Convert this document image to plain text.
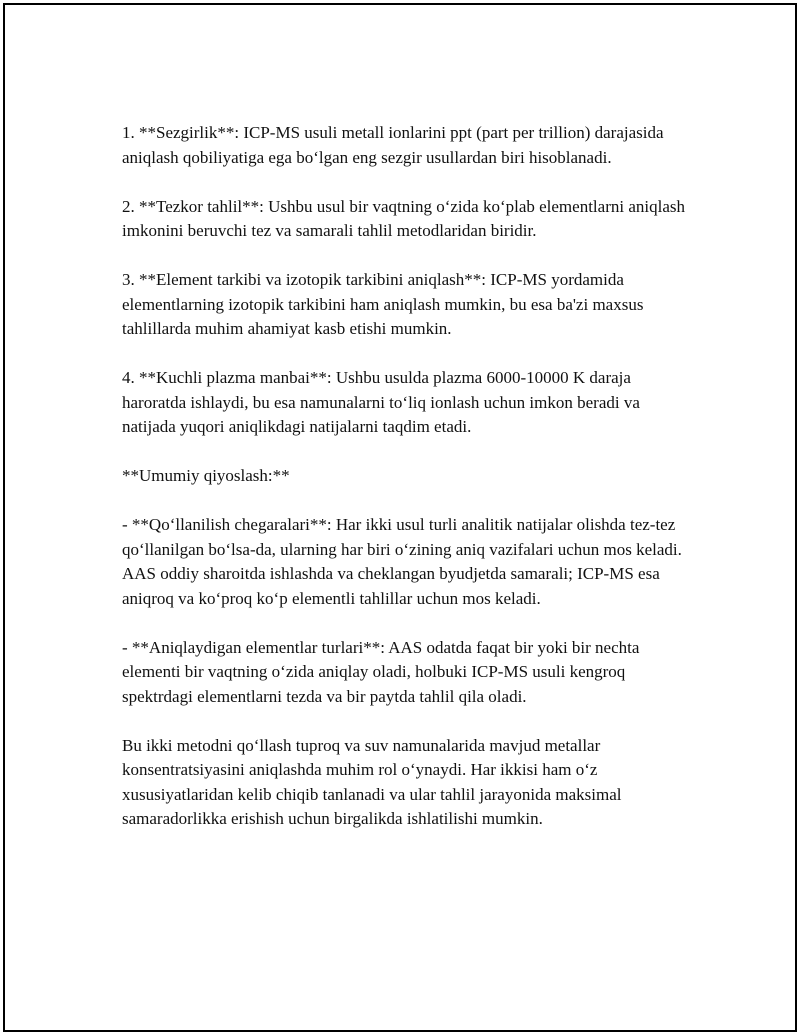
1. **Sezgirlik**: ICP-MS usuli metall ionlarini ppt (part per trillion) darajasida aniqlash qobiliyatiga ega bo‘lgan eng sezgir usullardan biri hisoblanadi.

2. **Tezkor tahlil**: Ushbu usul bir vaqtning o‘zida ko‘plab elementlarni aniqlash imkonini beruvchi tez va samarali tahlil metodlaridan biridir.

3. **Element tarkibi va izotopik tarkibini aniqlash**: ICP-MS yordamida elementlarning izotopik tarkibini ham aniqlash mumkin, bu esa ba'zi maxsus tahlillarda muhim ahamiyat kasb etishi mumkin.

4. **Kuchli plazma manbai**: Ushbu usulda plazma 6000-10000 K daraja haroratda ishlaydi, bu esa namunalarni to‘liq ionlash uchun imkon beradi va natijada yuqori aniqlikdagi natijalarni taqdim etadi.

**Umumiy qiyoslash:**

- **Qo‘llanilish chegaralari**: Har ikki usul turli analitik natijalar olishda tez-tez qo‘llanilgan bo‘lsa-da, ularning har biri o‘zining aniq vazifalari uchun mos keladi. AAS oddiy sharoitda ishlashda va cheklangan byudjetda samarali; ICP-MS esa aniqroq va ko‘proq ko‘p elementli tahlillar uchun mos keladi.

- **Aniqlaydigan elementlar turlari**: AAS odatda faqat bir yoki bir nechta elementi bir vaqtning o‘zida aniqlay oladi, holbuki ICP-MS usuli kengroq spektrdagi elementlarni tezda va bir paytda tahlil qila oladi.

Bu ikki metodni qo‘llash tuproq va suv namunalarida mavjud metallar konsentratsiyasini aniqlashda muhim rol o‘ynaydi. Har ikkisi ham o‘z xususiyatlaridan kelib chiqib tanlanadi va ular tahlil jarayonida maksimal samaradorlikka erishish uchun birgalikda ishlatilishi mumkin.
